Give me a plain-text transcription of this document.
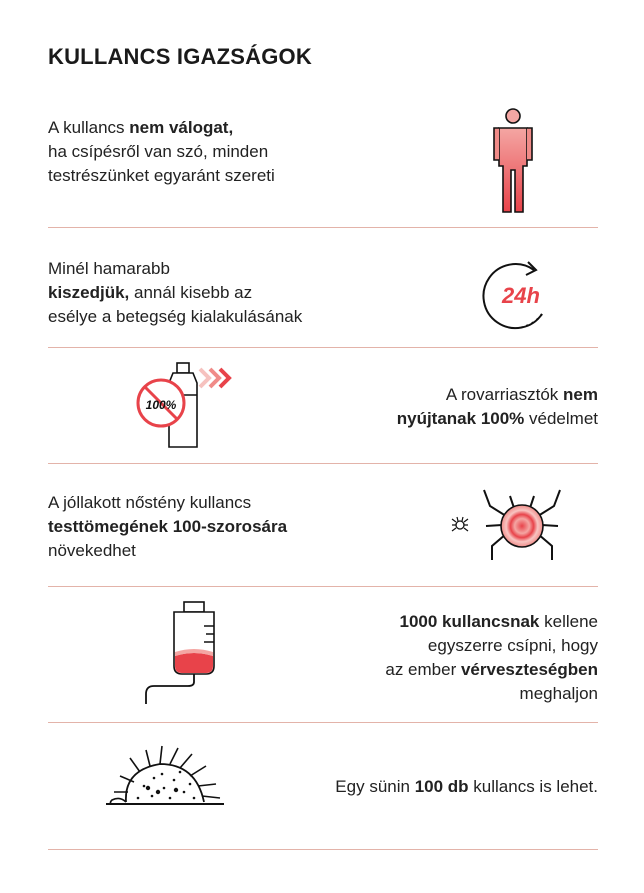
KULLANCS IGAZSÁGOK
A kullancs nem válogat,
ha csípésről van szó, minden
testrészünket egyaránt szereti
Minél hamarabb
kiszedjük, annál kisebb az
esélye a betegség kialakulásának
24h
100%
A rovarriasztók nem
nyújtanak 100% védelmet
A jóllakott nőstény kullancs
testtömegének 100-szorosára
növekedhet
1000 kullancsnak kellene
egyszerre csípni, hogy
az ember vérveszteségben
meghaljon
Egy sünin 100 db kullancs is lehet.
